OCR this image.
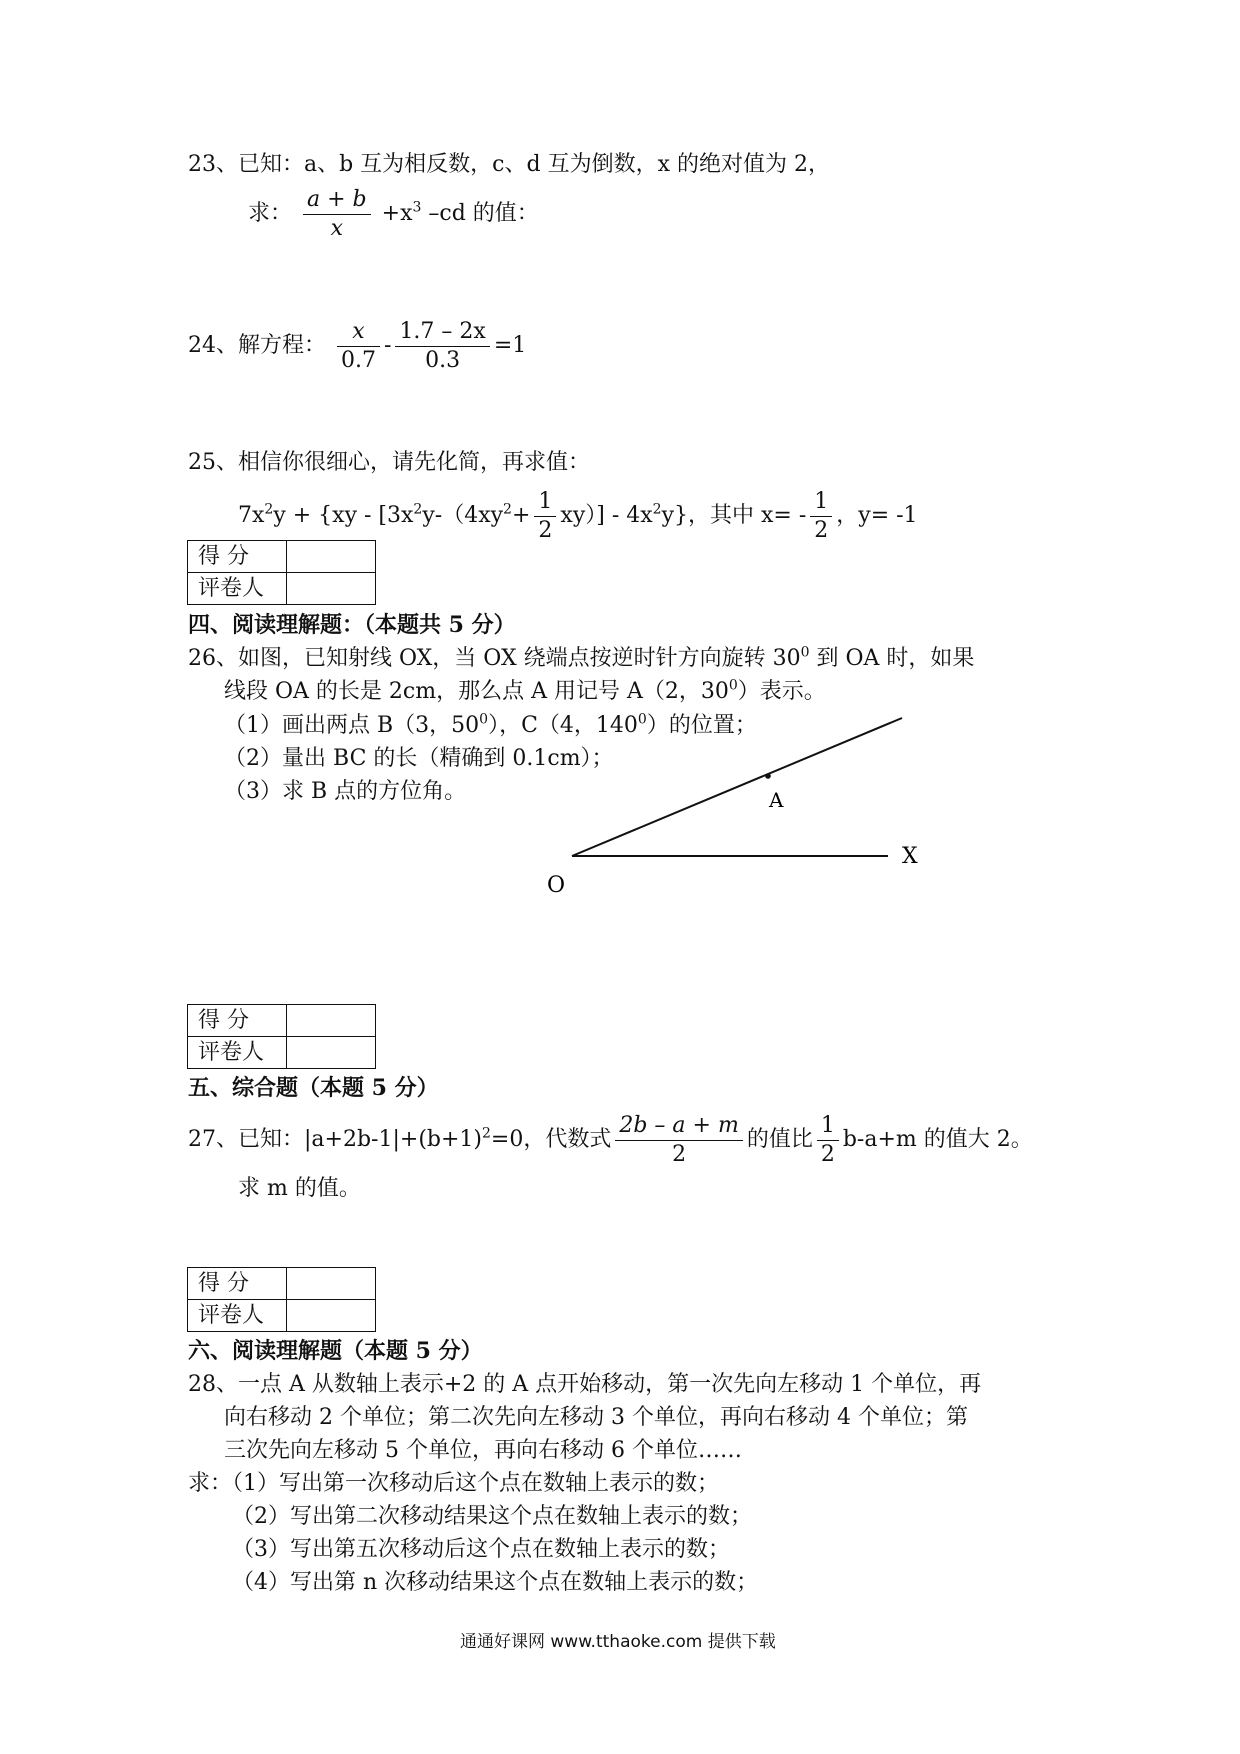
23、已知：a、b 互为相反数，c、d 互为倒数，x 的绝对值为 2，
求： $\frac{a + b}{x} +x^3$ –cd 的值：
24、解方程： $\frac{x}{0.7} - \frac{1.7 - 2x}{0.3} =1$
25、相信你很细心，请先化简，再求值：
$7x^2y + \{xy - [3x^2y-(4xy^2+ \frac{1}{2} xy)] - 4x^2y\}$，其中 $x= - \frac{1}{2}$ ，y= -1
得 分	
评卷人	
四、阅读理解题：（本题共 5 分）
26、如图，已知射线 OX，当 OX 绕端点按逆时针方向旋转 $30^0$ 到 OA 时，如果
线段 OA 的长是 2cm，那么点 A 用记号 A（2，$30^0$）表示。
（1）画出两点 B（3，$50^0$），C（4，$140^0$）的位置；
（2）量出 BC 的长（精确到 0.1cm）；
（3）求 B 点的方位角。	A
X
O
得 分	
评卷人	
五、综合题（本题 5 分）
27、已知：$|a+2b-1|+(b+1)^2=0$，代数式 $\frac{2b - a + m}{2}$ 的值比 $\frac{1}{2} b-a+m$ 的值大 2。
求 m 的值。
得 分	
评卷人	
六、阅读理解题（本题 5 分）
28、一点 A 从数轴上表示+2 的 A 点开始移动，第一次先向左移动 1 个单位，再
向右移动 2 个单位；第二次先向左移动 3 个单位，再向右移动 4 个单位；第
三次先向左移动 5 个单位，再向右移动 6 个单位……
求：（1）写出第一次移动后这个点在数轴上表示的数；
（2）写出第二次移动结果这个点在数轴上表示的数；
（3）写出第五次移动后这个点在数轴上表示的数；
（4）写出第 n 次移动结果这个点在数轴上表示的数；
通通好课网 www.tthaoke.com 提供下载
